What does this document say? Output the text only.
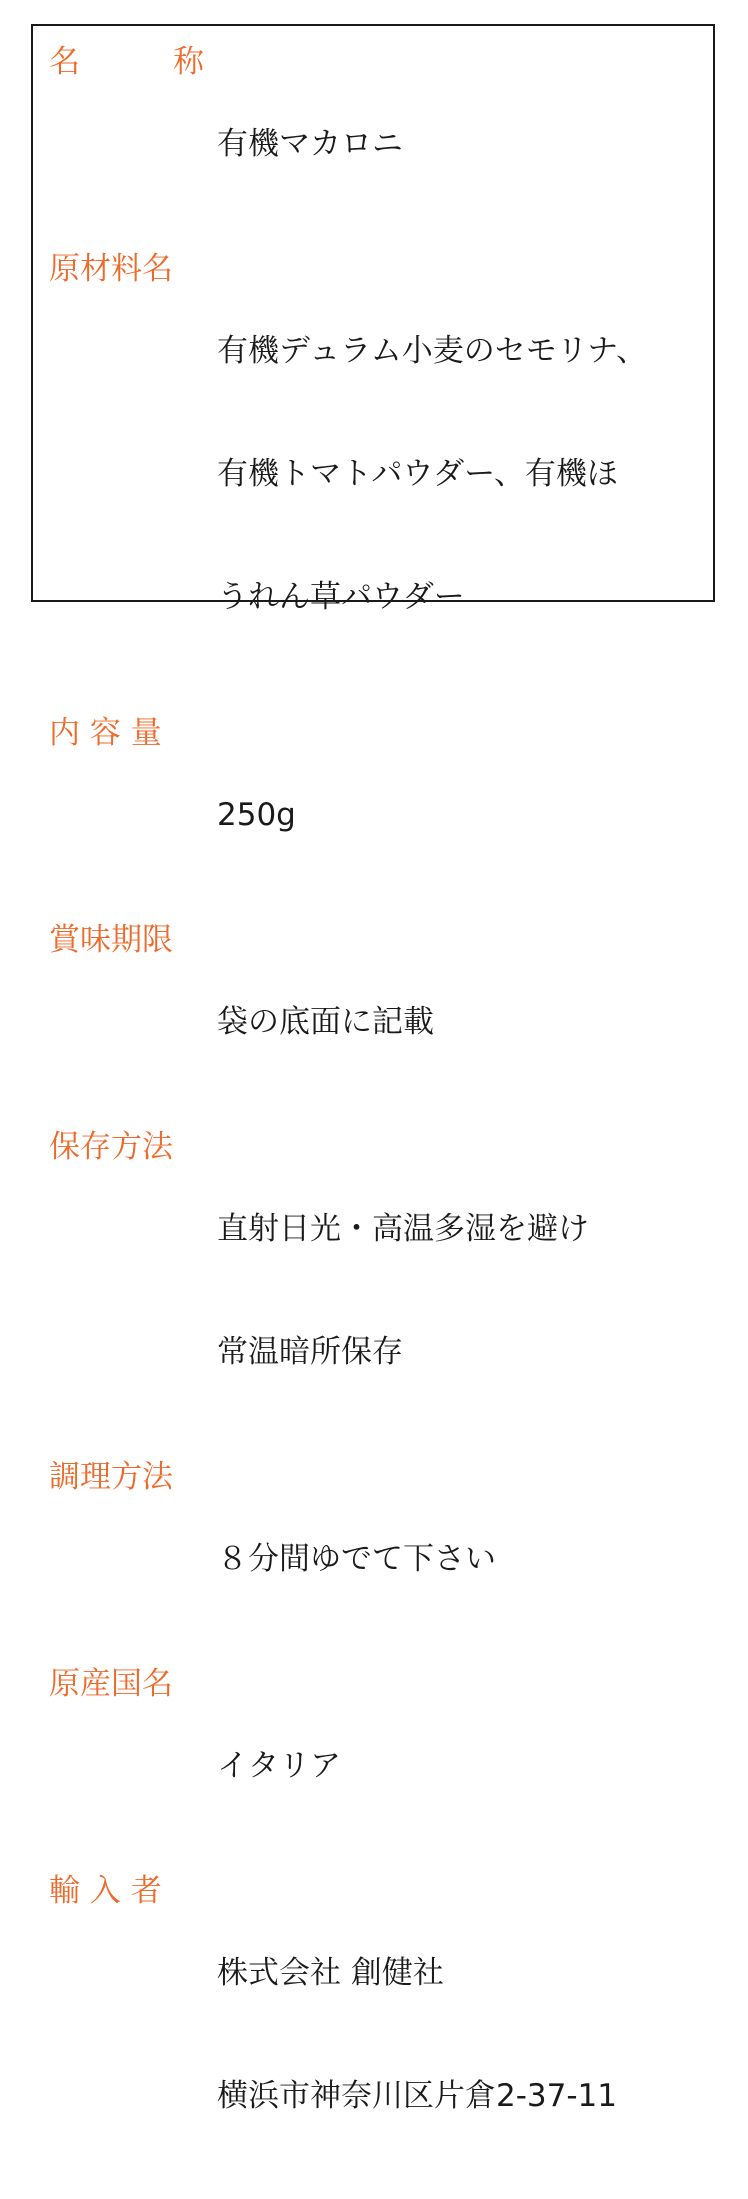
名　　　称

有機マカロニ

原材料名

有機デュラム小麦のセモリナ、

有機トマトパウダー、有機ほ

うれん草パウダー

内 容 量

250g

賞味期限

袋の底面に記載

保存方法

直射日光・高温多湿を避け

常温暗所保存

調理方法

８分間ゆでて下さい

原産国名

イタリア

輸 入 者

株式会社 創健社

横浜市神奈川区片倉2-37-11
